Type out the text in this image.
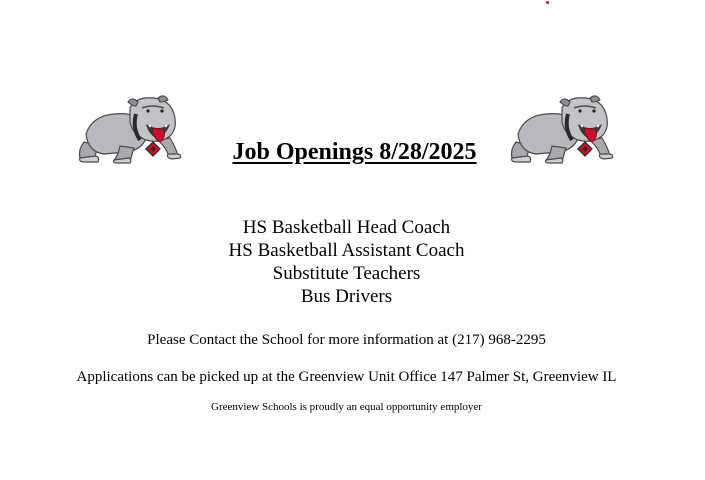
Job Openings 8/28/2025
HS Basketball Head Coach
HS Basketball Assistant Coach
Substitute Teachers
Bus Drivers
Please Contact the School for more information at (217) 968-2295
Applications can be picked up at the Greenview Unit Office 147 Palmer St, Greenview IL
Greenview Schools is proudly an equal opportunity employer
